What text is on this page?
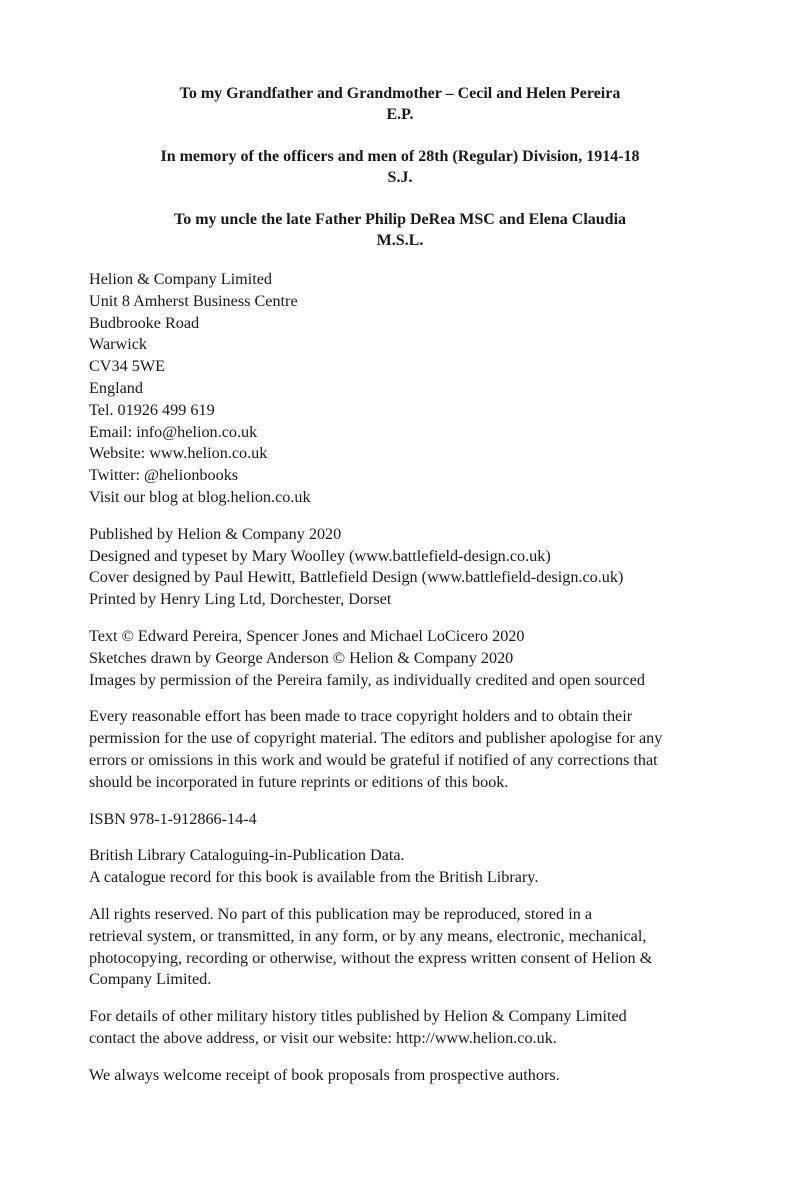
To my Grandfather and Grandmother – Cecil and Helen Pereira

E.P.

In memory of the officers and men of 28th (Regular) Division, 1914-18

S.J.

To my uncle the late Father Philip DeRea MSC and Elena Claudia

M.S.L.

Helion & Company Limited

Unit 8 Amherst Business Centre

Budbrooke Road

Warwick

CV34 5WE

England

Tel. 01926 499 619

Email: info@helion.co.uk

Website: www.helion.co.uk

Twitter: @helionbooks

Visit our blog at blog.helion.co.uk

Published by Helion & Company 2020

Designed and typeset by Mary Woolley (www.battlefield-design.co.uk)

Cover designed by Paul Hewitt, Battlefield Design (www.battlefield-design.co.uk)

Printed by Henry Ling Ltd, Dorchester, Dorset

Text © Edward Pereira, Spencer Jones and Michael LoCicero 2020

Sketches drawn by George Anderson © Helion & Company 2020

Images by permission of the Pereira family, as individually credited and open sourced

Every reasonable effort has been made to trace copyright holders and to obtain their

permission for the use of copyright material. The editors and publisher apologise for any

errors or omissions in this work and would be grateful if notified of any corrections that

should be incorporated in future reprints or editions of this book.

ISBN 978-1-912866-14-4

British Library Cataloguing-in-Publication Data.

A catalogue record for this book is available from the British Library.

All rights reserved. No part of this publication may be reproduced, stored in a

retrieval system, or transmitted, in any form, or by any means, electronic, mechanical,

photocopying, recording or otherwise, without the express written consent of Helion &

Company Limited.

For details of other military history titles published by Helion & Company Limited

contact the above address, or visit our website: http://www.helion.co.uk.

We always welcome receipt of book proposals from prospective authors.
